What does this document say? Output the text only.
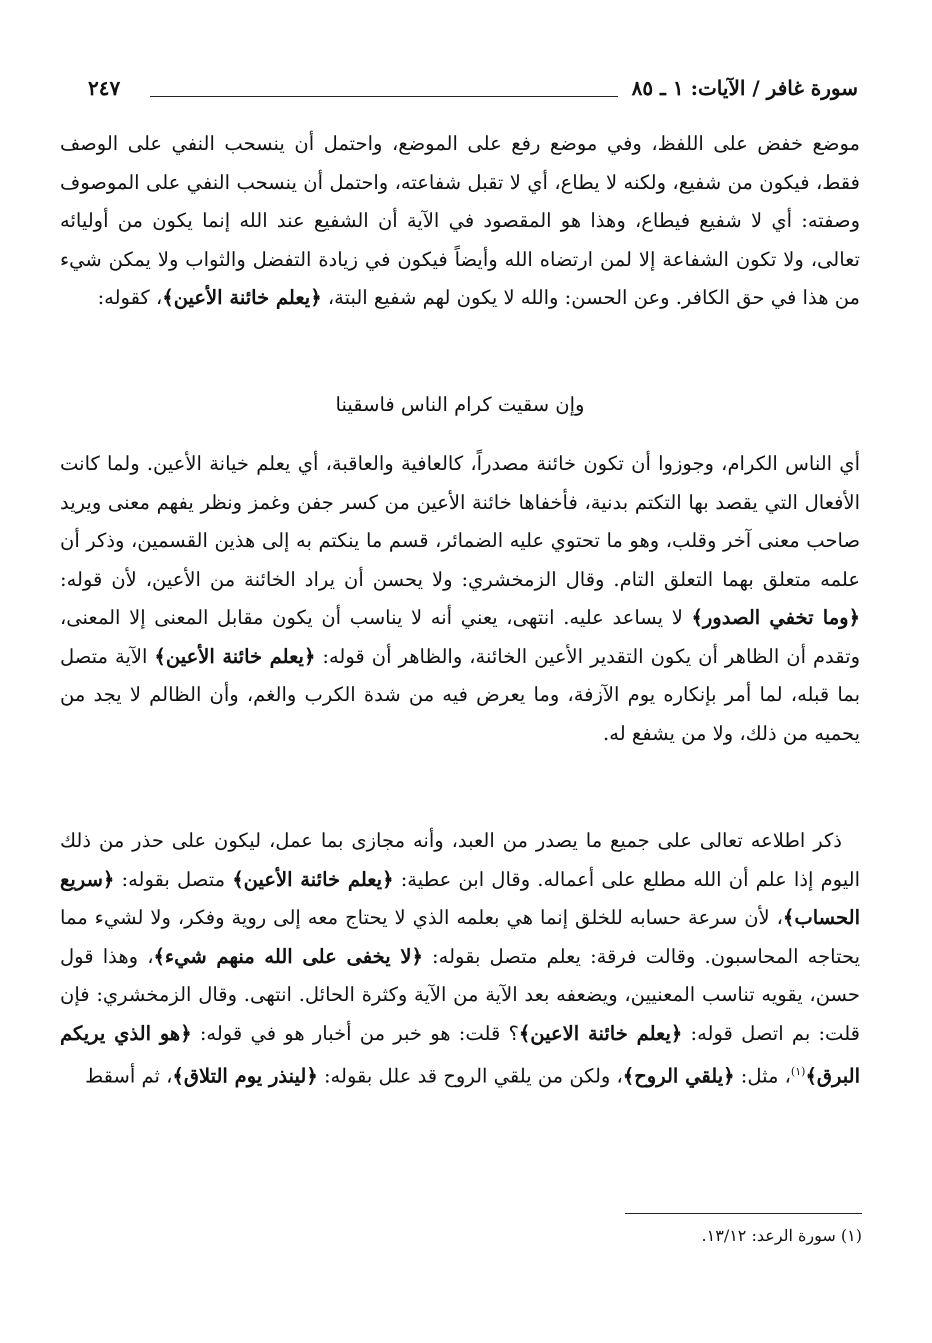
سورة غافر / الآيات: ١ ـ ٨٥
٢٤٧
موضع خفض على اللفظ، وفي موضع رفع على الموضع، واحتمل أن ينسحب النفي على الوصف فقط، فيكون من شفيع، ولكنه لا يطاع، أي لا تقبل شفاعته، واحتمل أن ينسحب النفي على الموصوف وصفته: أي لا شفيع فيطاع، وهذا هو المقصود في الآية أن الشفيع عند الله إنما يكون من أوليائه تعالى، ولا تكون الشفاعة إلا لمن ارتضاه الله وأيضاً فيكون في زيادة التفضل والثواب ولا يمكن شيء من هذا في حق الكافر. وعن الحسن: والله لا يكون لهم شفيع البتة، ﴿يعلم خائنة الأعين﴾، كقوله:
وإن سقيت كرام الناس فاسقينا
أي الناس الكرام، وجوزوا أن تكون خائنة مصدراً، كالعافية والعاقبة، أي يعلم خيانة الأعين. ولما كانت الأفعال التي يقصد بها التكتم بدنية، فأخفاها خائنة الأعين من كسر جفن وغمز ونظر يفهم معنى ويريد صاحب معنى آخر وقلب، وهو ما تحتوي عليه الضمائر، قسم ما ينكتم به إلى هذين القسمين، وذكر أن علمه متعلق بهما التعلق التام. وقال الزمخشري: ولا يحسن أن يراد الخائنة من الأعين، لأن قوله: ﴿وما تخفي الصدور﴾ لا يساعد عليه. انتهى، يعني أنه لا يناسب أن يكون مقابل المعنى إلا المعنى، وتقدم أن الظاهر أن يكون التقدير الأعين الخائنة، والظاهر أن قوله: ﴿يعلم خائنة الأعين﴾ الآية متصل بما قبله، لما أمر بإنكاره يوم الآزفة، وما يعرض فيه من شدة الكرب والغم، وأن الظالم لا يجد من يحميه من ذلك، ولا من يشفع له.
ذكر اطلاعه تعالى على جميع ما يصدر من العبد، وأنه مجازى بما عمل، ليكون على حذر من ذلك اليوم إذا علم أن الله مطلع على أعماله. وقال ابن عطية: ﴿يعلم خائنة الأعين﴾ متصل بقوله: ﴿سريع الحساب﴾، لأن سرعة حسابه للخلق إنما هي بعلمه الذي لا يحتاج معه إلى روية وفكر، ولا لشيء مما يحتاجه المحاسبون. وقالت فرقة: يعلم متصل بقوله: ﴿لا يخفى على الله منهم شيء﴾، وهذا قول حسن، يقويه تناسب المعنيين، ويضعفه بعد الآية من الآية وكثرة الحائل. انتهى. وقال الزمخشري: فإن قلت: بم اتصل قوله: ﴿يعلم خائنة الاعين﴾؟ قلت: هو خبر من أخبار هو في قوله: ﴿هو الذي يريكم البرق﴾$^{(١)}$، مثل: ﴿يلقي الروح﴾، ولكن من يلقي الروح قد علل بقوله: ﴿لينذر يوم التلاق﴾، ثم أسقط
(١) سورة الرعد: ١٣/١٢.
